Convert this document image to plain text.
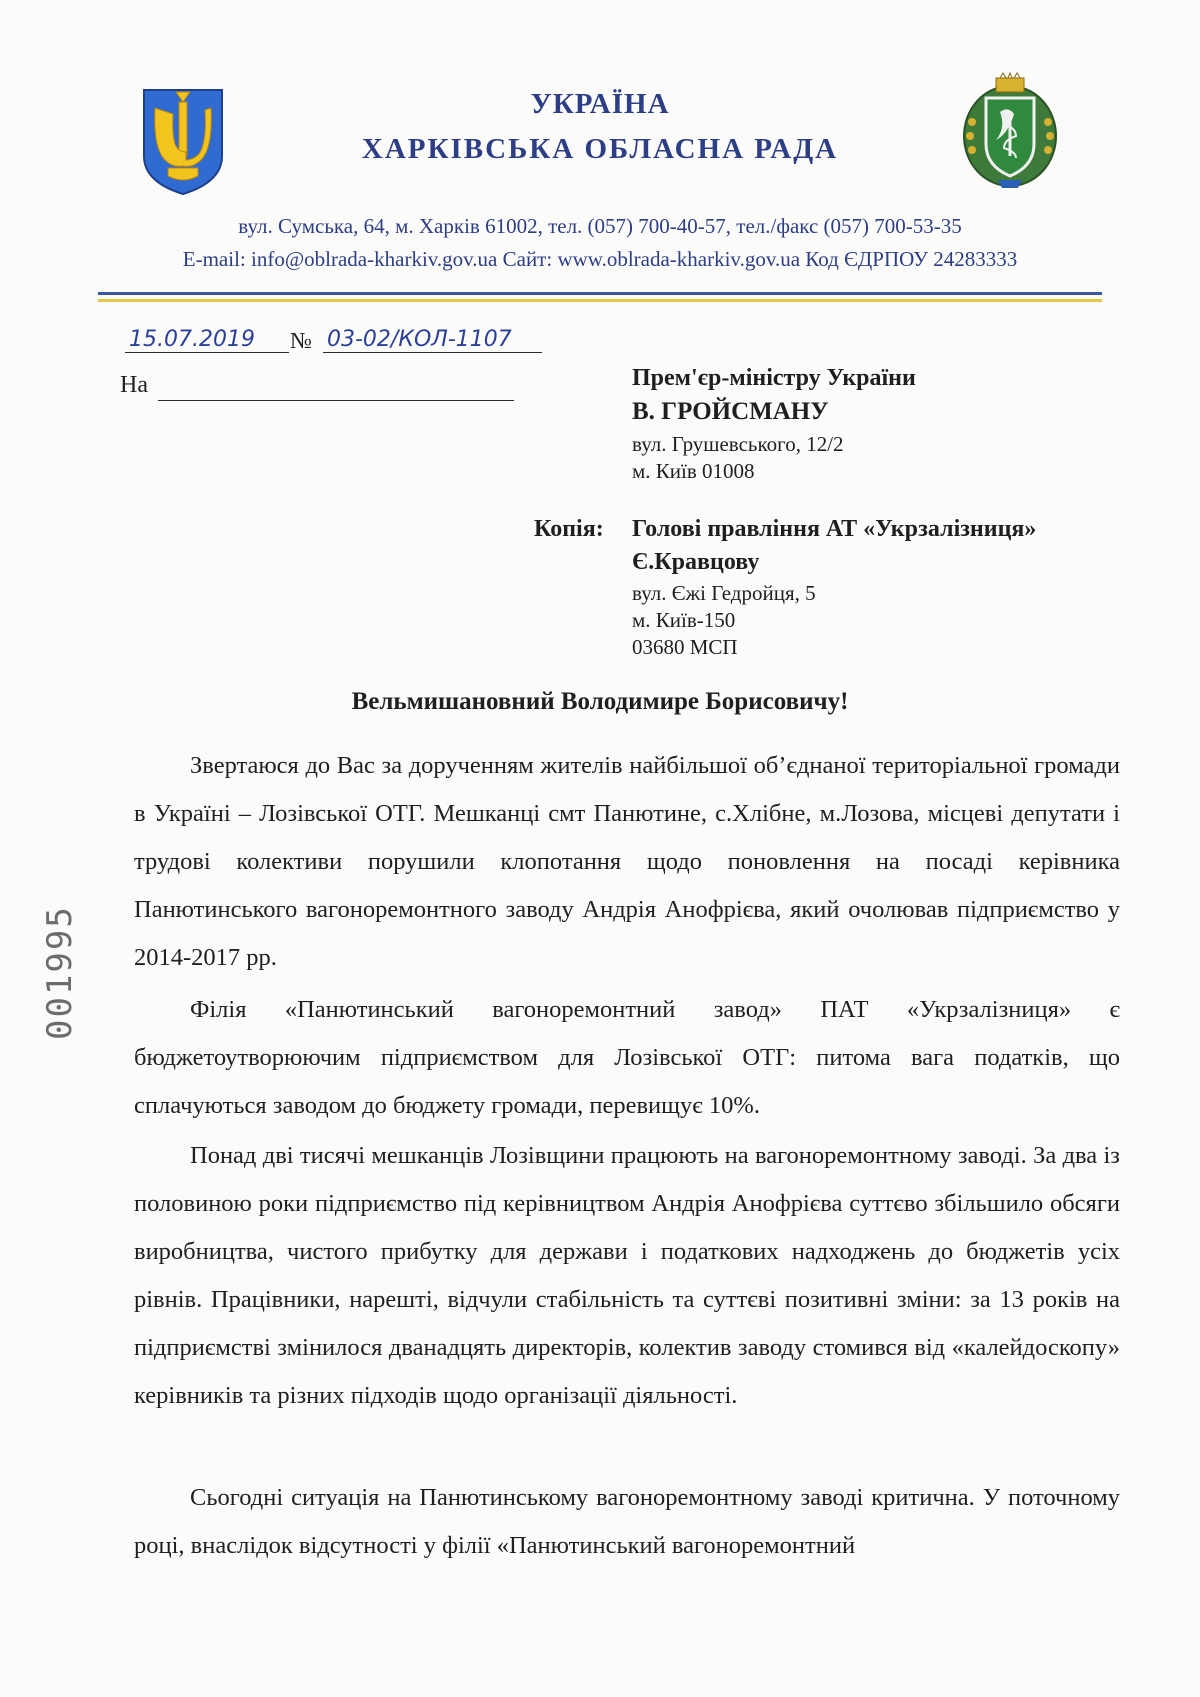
УКРАЇНА
ХАРКІВСЬКА ОБЛАСНА РАДА
вул. Сумська, 64, м. Харків 61002, тел. (057) 700-40-57, тел./факс (057) 700-53-35
E-mail: info@oblrada-kharkiv.gov.ua Сайт: www.oblrada-kharkiv.gov.ua Код ЄДРПОУ 24283333
15.07.2019	№ 03-02/КОЛ-1107
На	Прем'єр-міністру України
В. ГРОЙСМАНУ
вул. Грушевського, 12/2
м. Київ 01008
Копія: Голові правління АТ «Укрзалізниця»
Є.Кравцову
вул. Єжі Гедройця, 5
м. Київ-150
03680 МСП
Вельмишановний Володимире Борисовичу!

Звертаюся до Вас за дорученням жителів найбільшої об’єднаної територіальної громади в Україні – Лозівської ОТГ. Мешканці смт Панютине, с.Хлібне, м.Лозова, місцеві депутати і трудові колективи порушили клопотання щодо поновлення на посаді керівника Панютинського вагоноремонтного заводу Андрія Анофрієва, який очолював підприємство у 2014-2017 рр.

Філія «Панютинський вагоноремонтний завод» ПАТ «Укрзалізниця» є бюджетоутворюючим підприємством для Лозівської ОТГ: питома вага податків, що сплачуються заводом до бюджету громади, перевищує 10%.

Понад дві тисячі мешканців Лозівщини працюють на вагоноремонтному заводі. За два із половиною роки підприємство під керівництвом Андрія Анофрієва суттєво збільшило обсяги виробництва, чистого прибутку для держави і податкових надходжень до бюджетів усіх рівнів. Працівники, нарешті, відчули стабільність та суттєві позитивні зміни: за 13 років на підприємстві змінилося дванадцять директорів, колектив заводу стомився від «калейдоскопу» керівників та різних підходів щодо організації діяльності.

Сьогодні ситуація на Панютинському вагоноремонтному заводі критична. У поточному році, внаслідок відсутності у філії «Панютинський вагоноремонтний

001995
